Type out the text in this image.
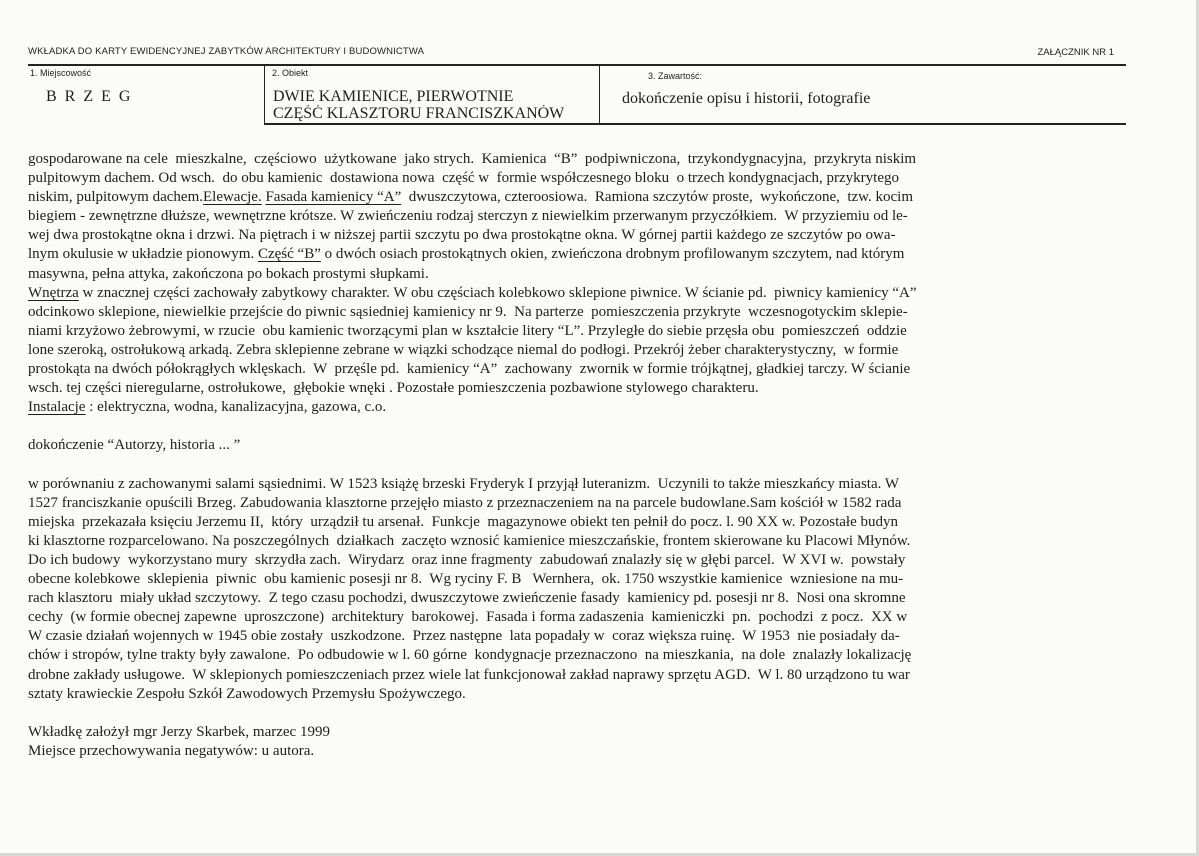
WKŁADKA DO KARTY EWIDENCYJNEJ ZABYTKÓW ARCHITEKTURY I BUDOWNICTWA	ZAŁĄCZNIK NR 1
1. Miejscowość
B R Z E G
2. Obiekt
DWIE KAMIENICE, PIERWOTNIE
CZĘŚĆ KLASZTORU FRANCISZKANÓW
3. Zawartość:
dokończenie opisu i historii, fotografie
gospodarowane na cele  mieszkalne,  częściowo  użytkowane  jako strych.  Kamienica  “B”  podpiwniczona,  trzykondygnacyjna,  przykryta niskim
pulpitowym dachem. Od wsch.  do obu kamienic  dostawiona nowa  część w  formie współczesnego bloku  o trzech kondygnacjach, przykrytego
niskim, pulpitowym dachem.Elewacje. Fasada kamienicy “A”  dwuszczytowa, czteroosiowa.  Ramiona szczytów proste,  wykończone,  tzw. kocim
biegiem - zewnętrzne dłuższe, wewnętrzne krótsze. W zwieńczeniu rodzaj sterczyn z niewielkim przerwanym przyczółkiem.  W przyziemiu od le-
wej dwa prostokątne okna i drzwi. Na piętrach i w niższej partii szczytu po dwa prostokątne okna. W górnej partii każdego ze szczytów po owa-
lnym okulusie w układzie pionowym. Część “B” o dwóch osiach prostokątnych okien, zwieńczona drobnym profilowanym szczytem, nad którym
masywna, pełna attyka, zakończona po bokach prostymi słupkami.
Wnętrza w znacznej części zachowały zabytkowy charakter. W obu częściach kolebkowo sklepione piwnice. W ścianie pd.  piwnicy kamienicy “A”
odcinkowo sklepione, niewielkie przejście do piwnic sąsiedniej kamienicy nr 9.  Na parterze  pomieszczenia przykryte  wczesnogotyckim sklepie-
niami krzyżowo żebrowymi, w rzucie  obu kamienic tworzącymi plan w kształcie litery “L”. Przyległe do siebie przęsła obu  pomieszczeń  oddzie
lone szeroką, ostrołukową arkadą. Zebra sklepienne zebrane w wiązki schodzące niemal do podłogi. Przekrój żeber charakterystyczny,  w formie
prostokąta na dwóch półokrągłych wklęskach.  W  przęśle pd.  kamienicy “A”  zachowany  zwornik w formie trójkątnej, gładkiej tarczy. W ścianie
wsch. tej części nieregularne, ostrołukowe,  głębokie wnęki . Pozostałe pomieszczenia pozbawione stylowego charakteru.
Instalacje : elektryczna, wodna, kanalizacyjna, gazowa, c.o.
dokończenie “Autorzy, historia ... ”
w porównaniu z zachowanymi salami sąsiednimi. W 1523 książę brzeski Fryderyk I przyjął luteranizm.  Uczynili to także mieszkańcy miasta. W
1527 franciszkanie opuścili Brzeg. Zabudowania klasztorne przejęło miasto z przeznaczeniem na na parcele budowlane.Sam kościół w 1582 rada
miejska  przekazała księciu Jerzemu II,  który  urządził tu arsenał.  Funkcje  magazynowe obiekt ten pełnił do pocz. l. 90 XX w. Pozostałe budyn
ki klasztorne rozparcelowano. Na poszczególnych  działkach  zaczęto wznosić kamienice mieszczańskie, frontem skierowane ku Placowi Młynów.
Do ich budowy  wykorzystano mury  skrzydła zach.  Wirydarz  oraz inne fragmenty  zabudowań znalazły się w głębi parcel.  W XVI w.  powstały
obecne kolebkowe  sklepienia  piwnic  obu kamienic posesji nr 8.  Wg ryciny F. B   Wernhera,  ok. 1750 wszystkie kamienice  wzniesione na mu-
rach klasztoru  miały układ szczytowy.  Z tego czasu pochodzi, dwuszczytowe zwieńczenie fasady  kamienicy pd. posesji nr 8.  Nosi ona skromne
cechy  (w formie obecnej zapewne  uproszczone)  architektury  barokowej.  Fasada i forma zadaszenia  kamieniczki  pn.  pochodzi  z pocz.  XX w
W czasie działań wojennych w 1945 obie zostały  uszkodzone.  Przez następne  lata popadały w  coraz większa ruinę.  W 1953  nie posiadały da-
chów i stropów, tylne trakty były zawalone.  Po odbudowie w l. 60 górne  kondygnacje przeznaczono  na mieszkania,  na dole  znalazły lokalizację
drobne zakłady usługowe.  W sklepionych pomieszczeniach przez wiele lat funkcjonował zakład naprawy sprzętu AGD.  W l. 80 urządzono tu war
sztaty krawieckie Zespołu Szkół Zawodowych Przemysłu Spożywczego.
Wkładkę założył mgr Jerzy Skarbek, marzec 1999
Miejsce przechowywania negatywów: u autora.
